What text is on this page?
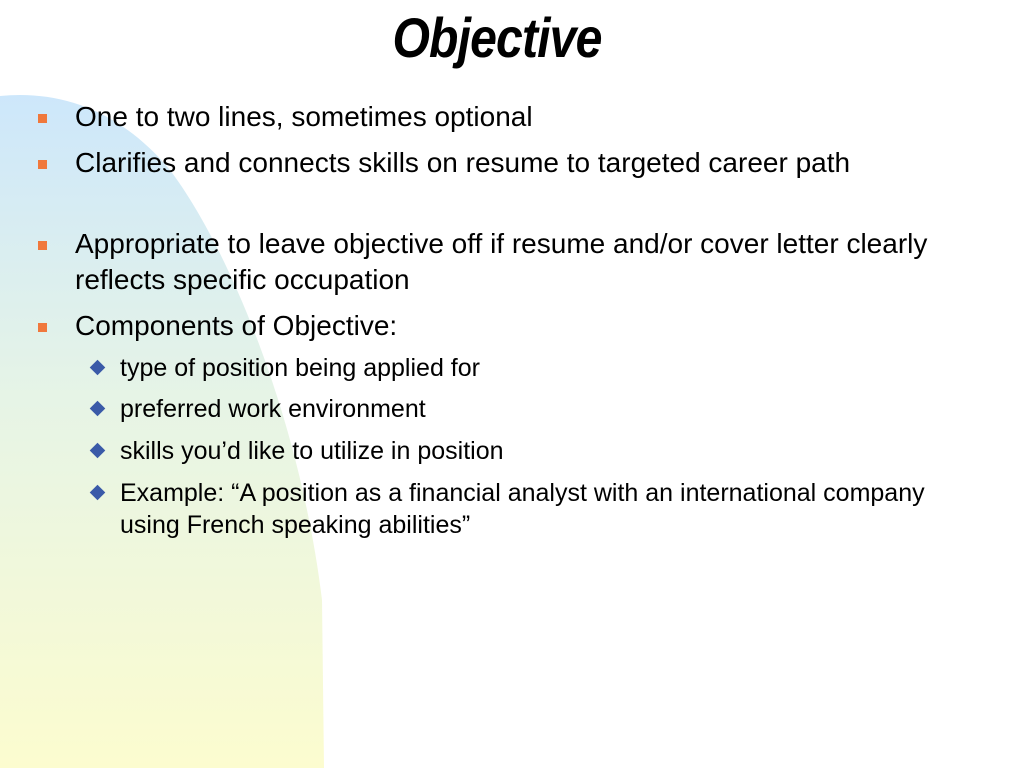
Objective
One to two lines, sometimes optional
Clarifies and connects skills on resume to targeted career path
Appropriate to leave objective off if resume and/or cover letter clearly reflects specific occupation
Components of Objective:
type of position being applied for
preferred work environment
skills you’d like to utilize in position
Example: “A position as a financial analyst with an international company using French speaking abilities”
